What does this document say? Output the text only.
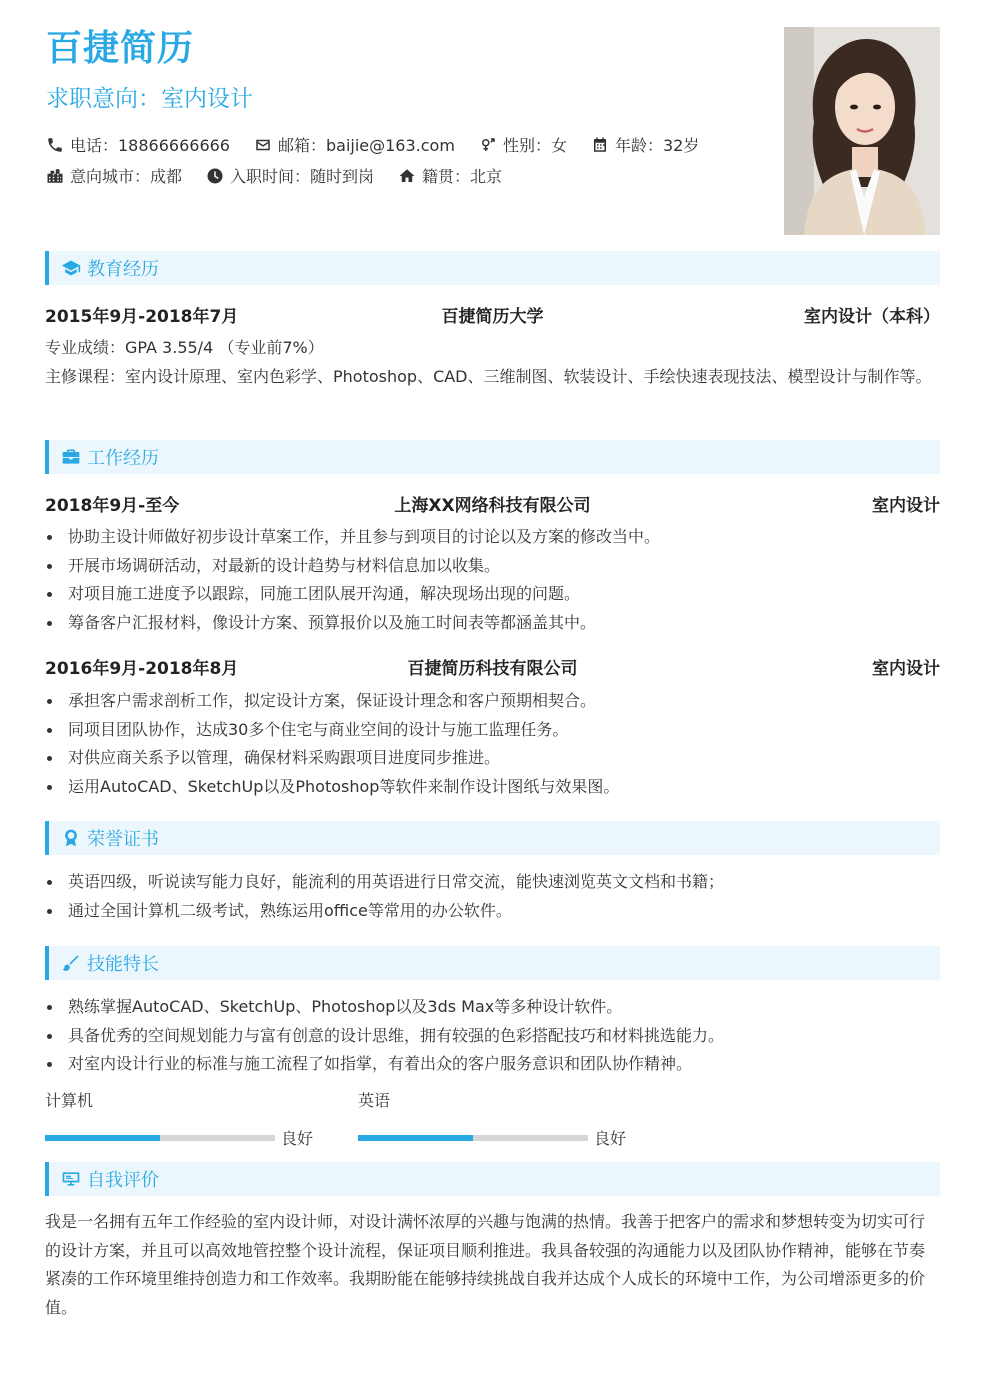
百捷简历
求职意向：室内设计
电话：18866666666	邮箱：baijie@163.com	性别：女	年龄：32岁
意向城市：成都	入职时间：随时到岗	籍贯：北京
教育经历
2015年9月-2018年7月	百捷简历大学	室内设计（本科）
专业成绩：GPA 3.55/4 （专业前7%）
主修课程：室内设计原理、室内色彩学、Photoshop、CAD、三维制图、软装设计、手绘快速表现技法、模型设计与制作等。
工作经历
2018年9月-至今	上海XX网络科技有限公司	室内设计
协助主设计师做好初步设计草案工作，并且参与到项目的讨论以及方案的修改当中。
开展市场调研活动，对最新的设计趋势与材料信息加以收集。
对项目施工进度予以跟踪，同施工团队展开沟通，解决现场出现的问题。
筹备客户汇报材料，像设计方案、预算报价以及施工时间表等都涵盖其中。
2016年9月-2018年8月	百捷简历科技有限公司	室内设计
承担客户需求剖析工作，拟定设计方案，保证设计理念和客户预期相契合。
同项目团队协作，达成30多个住宅与商业空间的设计与施工监理任务。
对供应商关系予以管理，确保材料采购跟项目进度同步推进。
运用AutoCAD、SketchUp以及Photoshop等软件来制作设计图纸与效果图。
荣誉证书
英语四级，听说读写能力良好，能流利的用英语进行日常交流，能快速浏览英文文档和书籍；
通过全国计算机二级考试，熟练运用office等常用的办公软件。
技能特长
熟练掌握AutoCAD、SketchUp、Photoshop以及3ds Max等多种设计软件。
具备优秀的空间规划能力与富有创意的设计思维，拥有较强的色彩搭配技巧和材料挑选能力。
对室内设计行业的标准与施工流程了如指掌，有着出众的客户服务意识和团队协作精神。
计算机
良好
英语
良好
自我评价
我是一名拥有五年工作经验的室内设计师，对设计满怀浓厚的兴趣与饱满的热情。我善于把客户的需求和梦想转变为切实可行的设计方案，并且可以高效地管控整个设计流程，保证项目顺利推进。我具备较强的沟通能力以及团队协作精神，能够在节奏紧凑的工作环境里维持创造力和工作效率。我期盼能在能够持续挑战自我并达成个人成长的环境中工作，为公司增添更多的价值。
